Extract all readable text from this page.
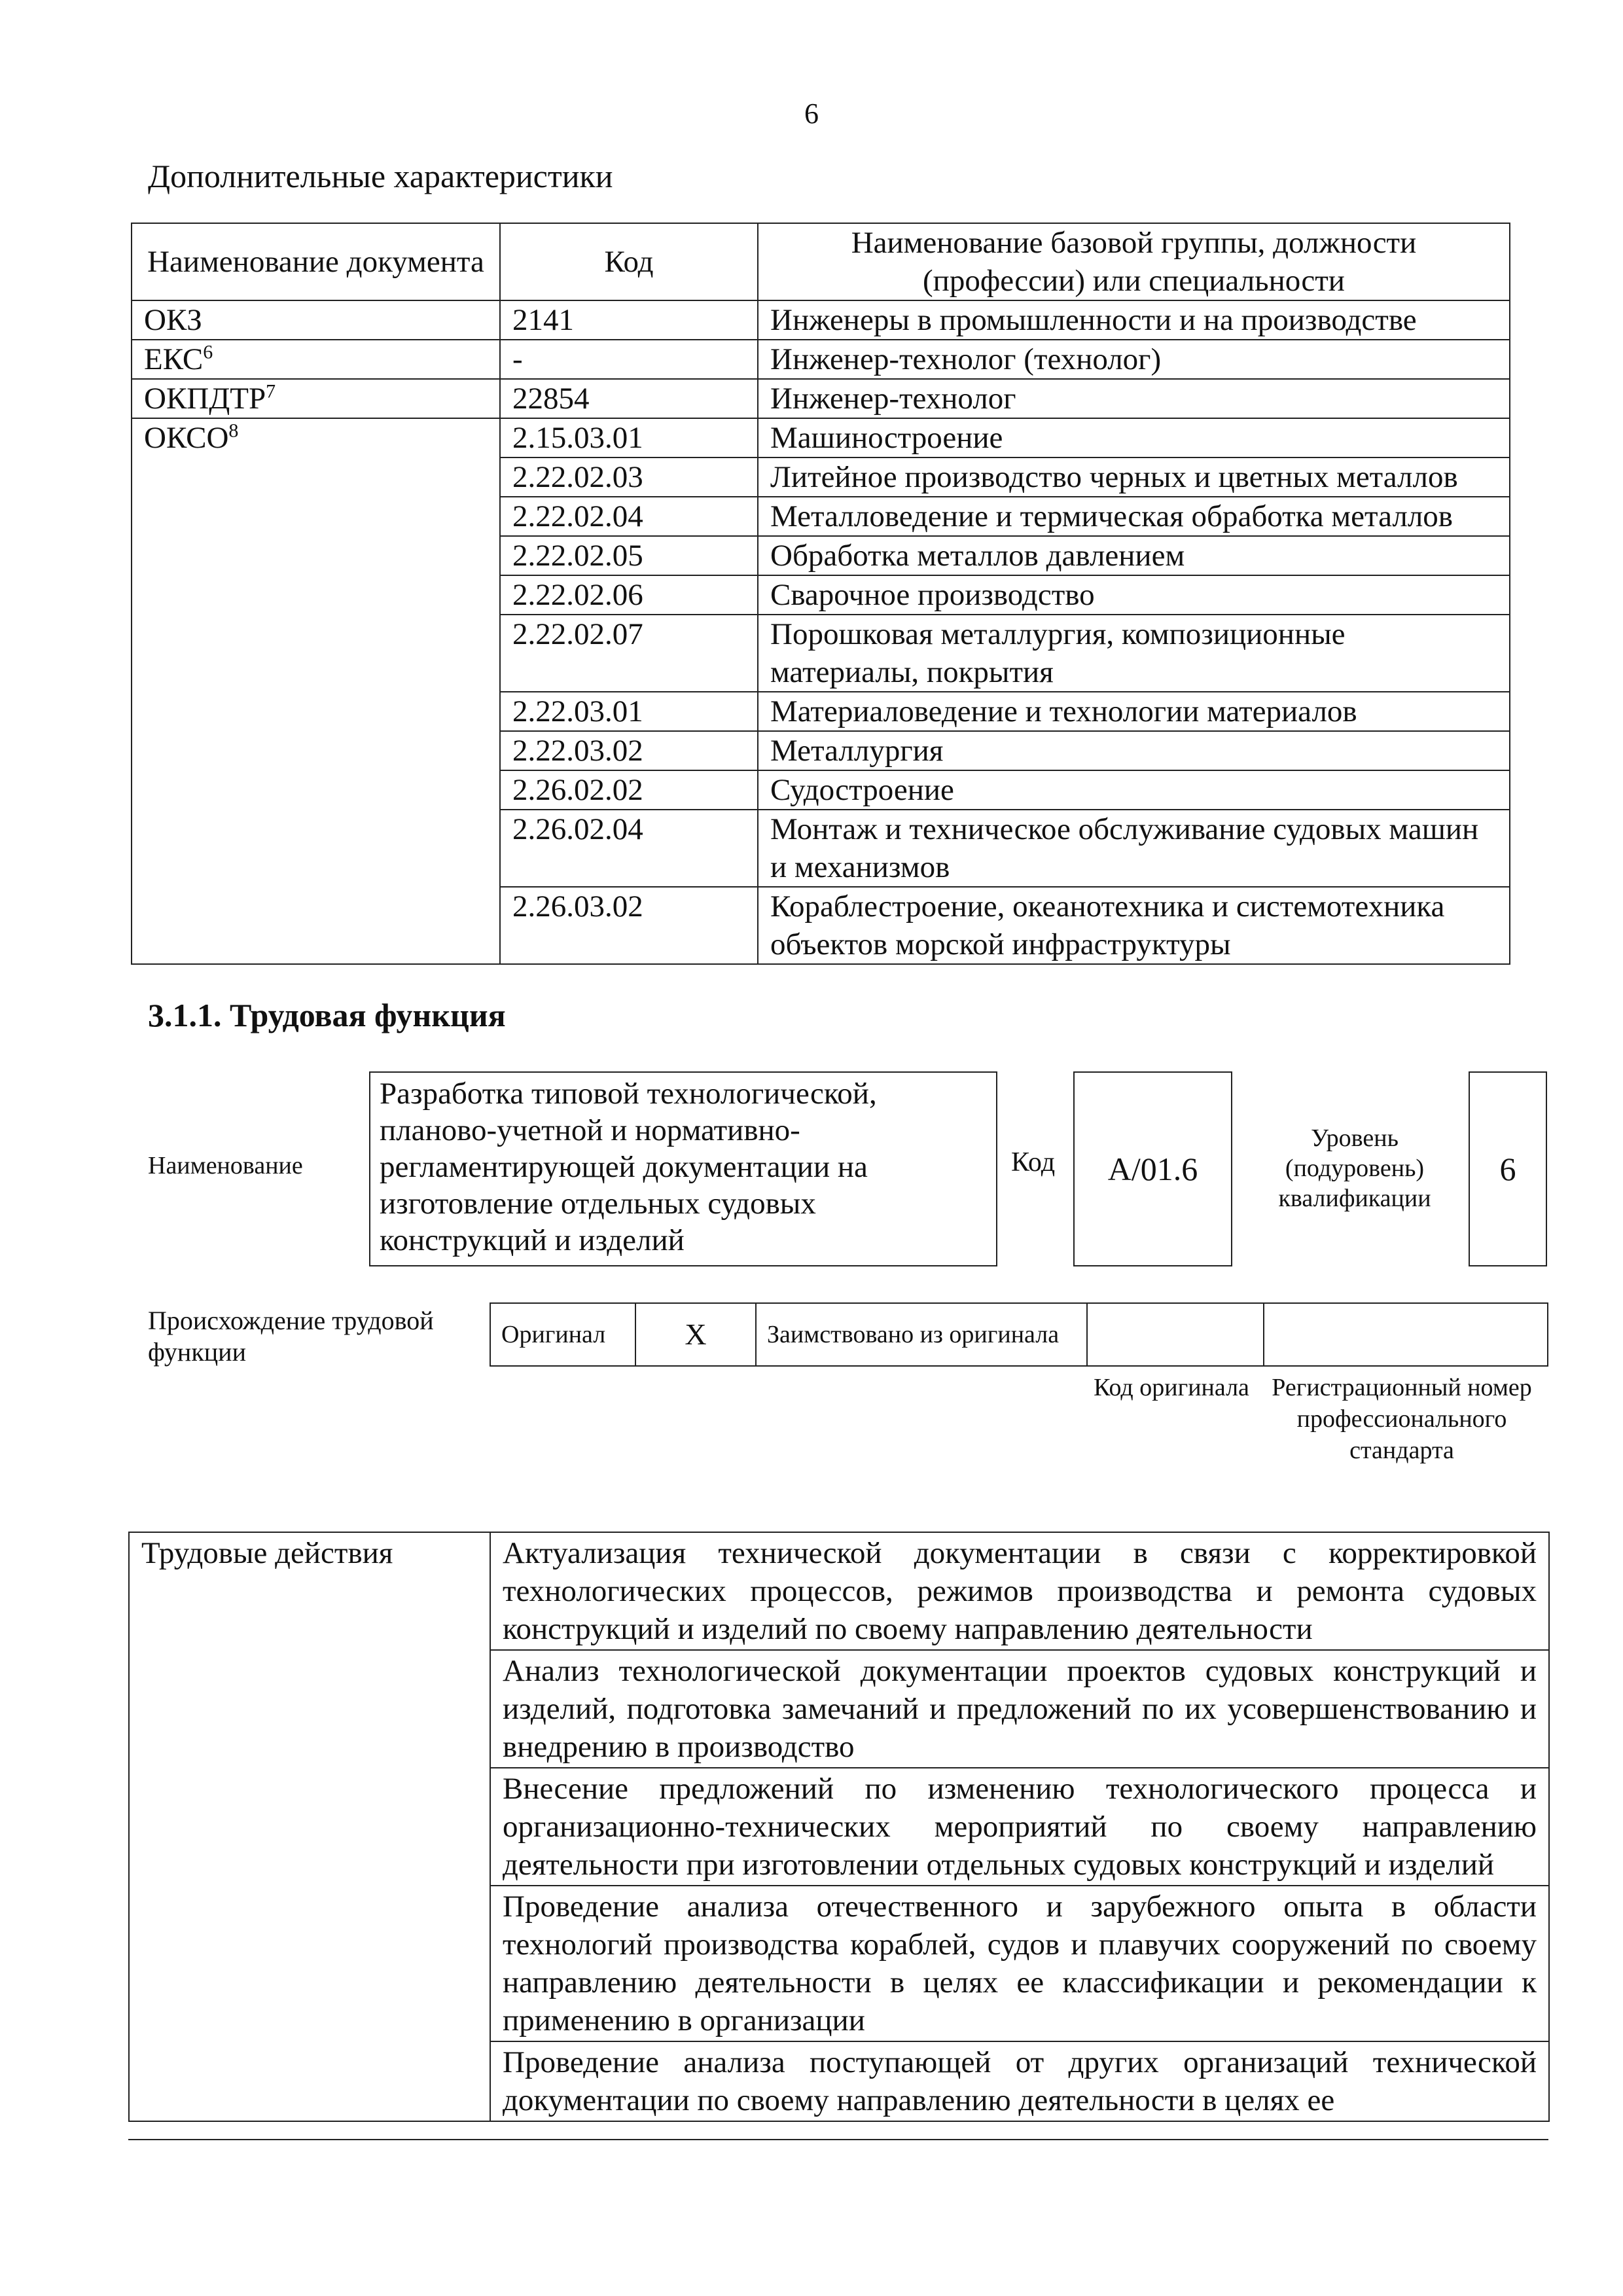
6
Дополнительные характеристики
Наименование документа	Код	Наименование базовой группы, должности (профессии) или специальности
ОКЗ	2141	Инженеры в промышленности и на производстве
ЕКС$^6$	-	Инженер-технолог (технолог)
ОКПДТР$^7$	22854	Инженер-технолог
ОКСО$^8$	2.15.03.01	Машиностроение
	2.22.02.03	Литейное производство черных и цветных металлов
	2.22.02.04	Металловедение и термическая обработка металлов
	2.22.02.05	Обработка металлов давлением
	2.22.02.06	Сварочное производство
	2.22.02.07	Порошковая металлургия, композиционные материалы, покрытия
	2.22.03.01	Материаловедение и технологии материалов
	2.22.03.02	Металлургия
	2.26.02.02	Судостроение
	2.26.02.04	Монтаж и техническое обслуживание судовых машин и механизмов
	2.26.03.02	Кораблестроение, океанотехника и системотехника объектов морской инфраструктуры
3.1.1. Трудовая функция
Наименование
Разработка типовой технологической, планово-учетной и нормативно-регламентирующей документации на изготовление отдельных судовых конструкций и изделий
Код	А/01.6
Уровень (подуровень) квалификации
6
Происхождение трудовой функции
Оригинал	X	Заимствовано из оригинала		
Код оригинала Регистрационный номер профессионального стандарта
Трудовые действия	Актуализация технической документации в связи с корректировкой технологических процессов, режимов производства и ремонта судовых конструкций и изделий по своему направлению деятельности
Анализ технологической документации проектов судовых конструкций и изделий, подготовка замечаний и предложений по их усовершенствованию и внедрению в производство
Внесение предложений по изменению технологического процесса и организационно-технических мероприятий по своему направлению деятельности при изготовлении отдельных судовых конструкций и изделий
Проведение анализа отечественного и зарубежного опыта в области технологий производства кораблей, судов и плавучих сооружений по своему направлению деятельности в целях ее классификации и рекомендации к применению в организации
Проведение анализа поступающей от других организаций технической документации по своему направлению деятельности в целях ее
